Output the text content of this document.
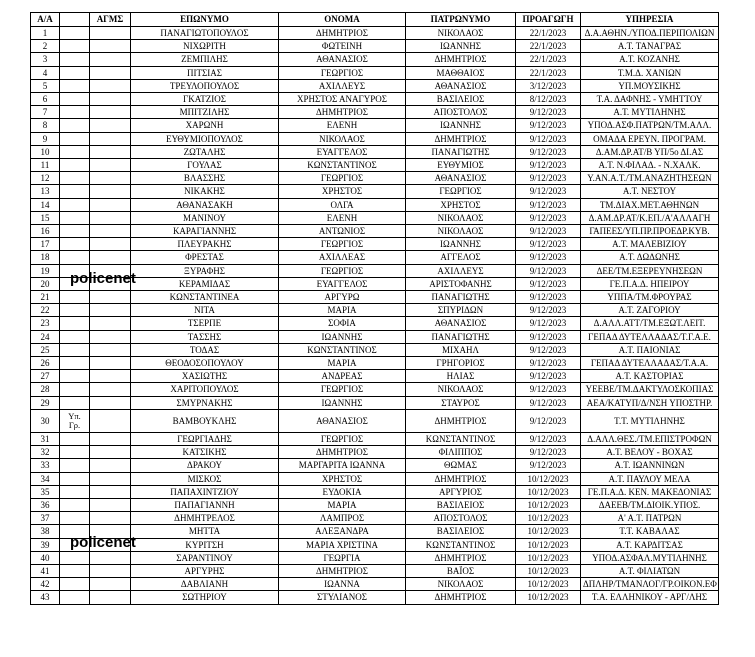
Α/Α		ΑΓΜΣ	ΕΠΩΝΥΜΟ	ΟΝΟΜΑ	ΠΑΤΡΩΝΥΜΟ	ΠΡΟΑΓΩΓΗ	ΥΠΗΡΕΣΙΑ
1			ΠΑΝΑΓΙΩΤΟΠΟΥΛΟΣ	ΔΗΜΗΤΡΙΟΣ	ΝΙΚΟΛΑΟΣ	22/1/2023	Δ.Α.ΑΘΗΝ./ΥΠΟΔ.ΠΕΡΙΠΟΛΙΩΝ
2			ΝΙΧΩΡΙΤΗ	ΦΩΤΕΙΝΗ	ΙΩΑΝΝΗΣ	22/1/2023	Α.Τ. ΤΑΝΑΓΡΑΣ
3			ΖΕΜΠΙΛΗΣ	ΑΘΑΝΑΣΙΟΣ	ΔΗΜΗΤΡΙΟΣ	22/1/2023	Α.Τ. ΚΟΖΑΝΗΣ
4			ΠΙΤΣΙΑΣ	ΓΕΩΡΓΙΟΣ	ΜΑΘΘΑΙΟΣ	22/1/2023	Τ.Μ.Δ. ΧΑΝΙΩΝ
5			ΤΡΕΥΛΟΠΟΥΛΟΣ	ΑΧΙΛΛΕΥΣ	ΑΘΑΝΑΣΙΟΣ	3/12/2023	ΥΠ.ΜΟΥΣΙΚΗΣ
6			ΓΚΑΤΖΙΟΣ	ΧΡΗΣΤΟΣ ΑΝΑΓΥΡΟΣ	ΒΑΣΙΛΕΙΟΣ	8/12/2023	Τ.Α. ΔΑΦΝΗΣ - ΥΜΗΤΤΟΥ
7			ΜΠΙΤΖΙΛΗΣ	ΔΗΜΗΤΡΙΟΣ	ΑΠΟΣΤΟΛΟΣ	9/12/2023	Α.Τ. ΜΥΤΙΛΗΝΗΣ
8			ΧΑΡΩΝΗ	ΕΛΕΝΗ	ΙΩΑΝΝΗΣ	9/12/2023	ΥΠΟΔ.ΑΣΦ.ΠΑΤΡΩΝ/ΤΜ.ΑΛΛ.
9			ΕΥΘΥΜΙΟΠΟΥΛΟΣ	ΝΙΚΟΛΑΟΣ	ΔΗΜΗΤΡΙΟΣ	9/12/2023	ΟΜΑΔΑ ΕΡΕΥΝ. ΠΡΟΓΡΑΜ.
10			ΖΩΤΑΛΗΣ	ΕΥΑΓΓΕΛΟΣ	ΠΑΝΑΓΙΩΤΗΣ	9/12/2023	Δ.ΑΜ.ΔΡ.ΑΤ/Β ΥΠ/5ο ΔΙ.ΑΣ
11			ΓΟΥΛΑΣ	ΚΩΝΣΤΑΝΤΙΝΟΣ	ΕΥΘΥΜΙΟΣ	9/12/2023	Α.Τ. Ν.ΦΙΛΑΔ. - Ν.ΧΑΛΚ.
12			ΒΛΑΣΣΗΣ	ΓΕΩΡΓΙΟΣ	ΑΘΑΝΑΣΙΟΣ	9/12/2023	Υ.ΑΝ.Α.Τ./ΤΜ.ΑΝΑΖΗΤΗΣΕΩΝ
13			ΝΙΚΑΚΗΣ	ΧΡΗΣΤΟΣ	ΓΕΩΡΓΙΟΣ	9/12/2023	Α.Τ. ΝΕΣΤΟΥ
14			ΑΘΑΝΑΣΑΚΗ	ΟΛΓΑ	ΧΡΗΣΤΟΣ	9/12/2023	ΤΜ.ΔΙΑΧ.ΜΕΤ.ΑΘΗΝΩΝ
15			ΜΑΝΙΝΟΥ	ΕΛΕΝΗ	ΝΙΚΟΛΑΟΣ	9/12/2023	Δ.ΑΜ.ΔΡ.ΑΤ/Κ.ΕΠ./Α'ΑΛΛΑΓΗ
16			ΚΑΡΑΓΙΑΝΝΗΣ	ΑΝΤΩΝΙΟΣ	ΝΙΚΟΛΑΟΣ	9/12/2023	ΓΑΠΕΕΣ/ΥΠ.ΠΡ.ΠΡΟΕΔΡ.ΚΥΒ.
17			ΠΛΕΥΡΑΚΗΣ	ΓΕΩΡΓΙΟΣ	ΙΩΑΝΝΗΣ	9/12/2023	Α.Τ. ΜΑΛΕΒΙΖΙΟΥ
18			ΦΡΕΣΤΑΣ	ΑΧΙΛΛΕΑΣ	ΑΓΓΕΛΟΣ	9/12/2023	Α.Τ. ΔΩΔΩΝΗΣ
19			ΞΥΡΑΦΗΣ	ΓΕΩΡΓΙΟΣ	ΑΧΙΛΛΕΥΣ	9/12/2023	ΔΕΕ/ΤΜ.ΕΞΕΡΕΥΝΗΣΕΩΝ
20			ΚΕΡΑΜΙΔΑΣ	ΕΥΑΓΓΕΛΟΣ	ΑΡΙΣΤΟΦΑΝΗΣ	9/12/2023	ΓΕ.Π.Α.Δ. ΗΠΕΙΡΟΥ
21			ΚΩΝΣΤΑΝΤΙΝΕΑ	ΑΡΓΥΡΩ	ΠΑΝΑΓΙΩΤΗΣ	9/12/2023	ΥΠΠΑ/ΤΜ.ΦΡΟΥΡΑΣ
22			ΝΙΤΑ	ΜΑΡΙΑ	ΣΠΥΡΙΔΩΝ	9/12/2023	Α.Τ. ΖΑΓΟΡΙΟΥ
23			ΤΣΕΡΠΕ	ΣΟΦΙΑ	ΑΘΑΝΑΣΙΟΣ	9/12/2023	Δ.ΑΛΛ.ΑΤΤ/ΤΜ.ΕΞΩΤ.ΛΕΙΤ.
24			ΤΑΣΣΗΣ	ΙΩΑΝΝΗΣ	ΠΑΝΑΓΙΩΤΗΣ	9/12/2023	ΓΕΠΑΔ ΔΥΤΕΛΛΑΔΑΣ/Τ.Γ.Α.Ε.
25			ΤΟΔΑΣ	ΚΩΝΣΤΑΝΤΙΝΟΣ	ΜΙΧΑΗΛ	9/12/2023	Α.Τ. ΠΑΙΟΝΙΑΣ
26			ΘΕΟΔΟΣΟΠΟΥΛΟΥ	ΜΑΡΙΑ	ΓΡΗΓΟΡΙΟΣ	9/12/2023	ΓΕΠΑΔ ΔΥΤΕΛΛΑΔΑΣ/Τ.Α.Α.
27			ΧΑΣΙΩΤΗΣ	ΑΝΔΡΕΑΣ	ΗΛΙΑΣ	9/12/2023	Α.Τ. ΚΑΣΤΟΡΙΑΣ
28			ΧΑΡΙΤΟΠΟΥΛΟΣ	ΓΕΩΡΓΙΟΣ	ΝΙΚΟΛΑΟΣ	9/12/2023	ΥΕΕΒΕ/ΤΜ.ΔΑΚΤΥΛΟΣΚΟΠΙΑΣ
29			ΣΜΥΡΝΑΚΗΣ	ΙΩΑΝΝΗΣ	ΣΤΑΥΡΟΣ	9/12/2023	ΑΕΑ/ΚΑΤΥΠ/Δ/ΝΣΗ ΥΠΟΣΤΗΡ.
30	Υπ. Γρ.		ΒΑΜΒΟΥΚΛΗΣ	ΑΘΑΝΑΣΙΟΣ	ΔΗΜΗΤΡΙΟΣ	9/12/2023	Τ.Τ. ΜΥΤΙΛΗΝΗΣ
31			ΓΕΩΡΓΙΑΔΗΣ	ΓΕΩΡΓΙΟΣ	ΚΩΝΣΤΑΝΤΙΝΟΣ	9/12/2023	Δ.ΑΛΛ.ΘΕΣ./ΤΜ.ΕΠΙΣΤΡΟΦΩΝ
32			ΚΑΤΣΙΚΗΣ	ΔΗΜΗΤΡΙΟΣ	ΦΙΛΙΠΠΟΣ	9/12/2023	Α.Τ. ΒΕΛΟΥ - ΒΟΧΑΣ
33			ΔΡΑΚΟΥ	ΜΑΡΓΑΡΙΤΑ ΙΩΑΝΝΑ	ΘΩΜΑΣ	9/12/2023	Α.Τ. ΙΩΑΝΝΙΝΩΝ
34			ΜΙΣΚΟΣ	ΧΡΗΣΤΟΣ	ΔΗΜΗΤΡΙΟΣ	10/12/2023	Α.Τ. ΠΑΥΛΟΥ ΜΕΛΑ
35			ΠΑΠΑΧΙΝΤΖΙΟΥ	ΕΥΔΟΚΙΑ	ΑΡΓΥΡΙΟΣ	10/12/2023	ΓΕ.Π.Α.Δ. ΚΕΝ. ΜΑΚΕΔΟΝΙΑΣ
36			ΠΑΠΑΓΙΑΝΝΗ	ΜΑΡΙΑ	ΒΑΣΙΛΕΙΟΣ	10/12/2023	ΔΑΕΕΒ/ΤΜ.ΔΙΟΙΚ.ΥΠΟΣ.
37			ΔΗΜΗΤΡΕΛΟΣ	ΛΑΜΠΡΟΣ	ΑΠΟΣΤΟΛΟΣ	10/12/2023	Α' Α.Τ. ΠΑΤΡΩΝ
38			ΜΗΤΤΑ	ΑΛΕΞΑΝΔΡΑ	ΒΑΣΙΛΕΙΟΣ	10/12/2023	Τ.Τ. ΚΑΒΑΛΑΣ
39			ΚΥΡΙΤΣΗ	ΜΑΡΙΑ ΧΡΙΣΤΙΝΑ	ΚΩΝΣΤΑΝΤΙΝΟΣ	10/12/2023	Α.Τ. ΚΑΡΔΙΤΣΑΣ
40			ΣΑΡΑΝΤΙΝΟΥ	ΓΕΩΡΓΙΑ	ΔΗΜΗΤΡΙΟΣ	10/12/2023	ΥΠΟΔ.ΑΣΦΑΛ.ΜΥΤΙΛΗΝΗΣ
41			ΑΡΓΥΡΗΣ	ΔΗΜΗΤΡΙΟΣ	ΒΑΪΟΣ	10/12/2023	Α.Τ. ΦΙΛΙΑΤΩΝ
42			ΔΑΒΛΙΑΝΗ	ΙΩΑΝΝΑ	ΝΙΚΟΛΑΟΣ	10/12/2023	ΔΠΛΗΡ/ΤΜΑΝΛΟΓ/ΓΡ.ΟΙΚΟΝ.ΕΦ
43			ΣΩΤΗΡΙΟΥ	ΣΤΥΛΙΑΝΟΣ	ΔΗΜΗΤΡΙΟΣ	10/12/2023	Τ.Α. ΕΛΛΗΝΙΚΟΥ - ΑΡΓ/ΛΗΣ
policenet
policenet
